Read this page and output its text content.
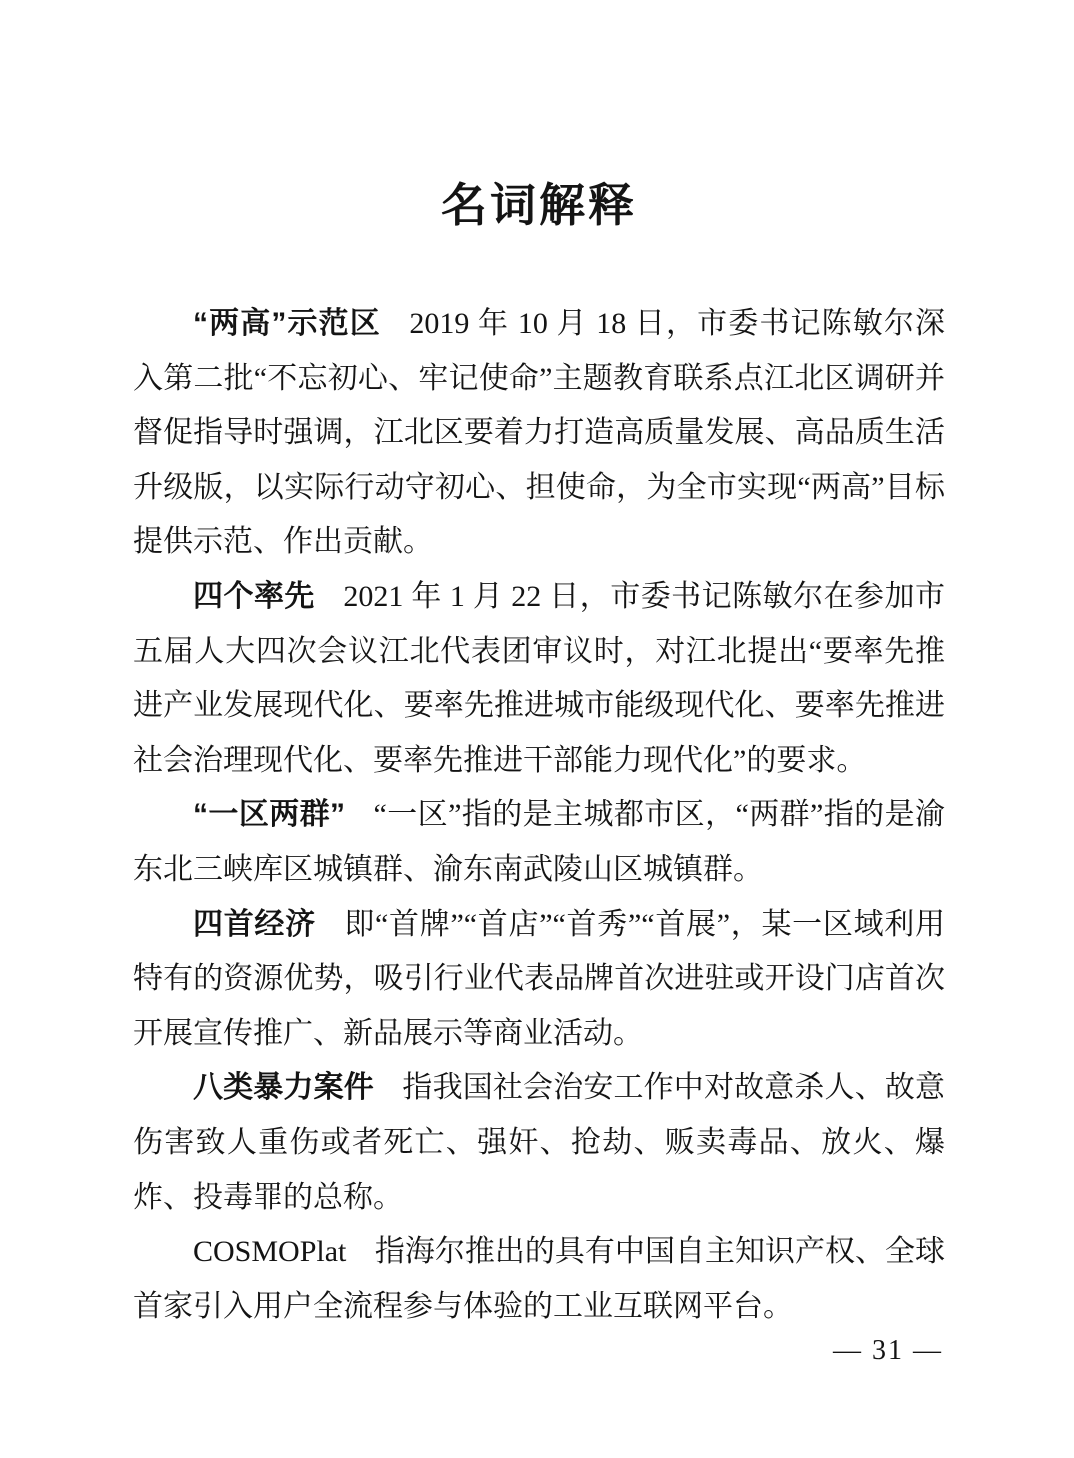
名词解释

“两高”示范区 2019 年 10 月 18 日，市委书记陈敏尔深入第二批“不忘初心、牢记使命”主题教育联系点江北区调研并督促指导时强调，江北区要着力打造高质量发展、高品质生活升级版，以实际行动守初心、担使命，为全市实现“两高”目标提供示范、作出贡献。

四个率先 2021 年 1 月 22 日，市委书记陈敏尔在参加市五届人大四次会议江北代表团审议时，对江北提出“要率先推进产业发展现代化、要率先推进城市能级现代化、要率先推进社会治理现代化、要率先推进干部能力现代化”的要求。

“一区两群” “一区”指的是主城都市区，“两群”指的是渝东北三峡库区城镇群、渝东南武陵山区城镇群。

四首经济 即“首牌”“首店”“首秀”“首展”，某一区域利用特有的资源优势，吸引行业代表品牌首次进驻或开设门店首次开展宣传推广、新品展示等商业活动。

八类暴力案件 指我国社会治安工作中对故意杀人、故意伤害致人重伤或者死亡、强奸、抢劫、贩卖毒品、放火、爆炸、投毒罪的总称。

COSMOPlat 指海尔推出的具有中国自主知识产权、全球首家引入用户全流程参与体验的工业互联网平台。

— 31 —
